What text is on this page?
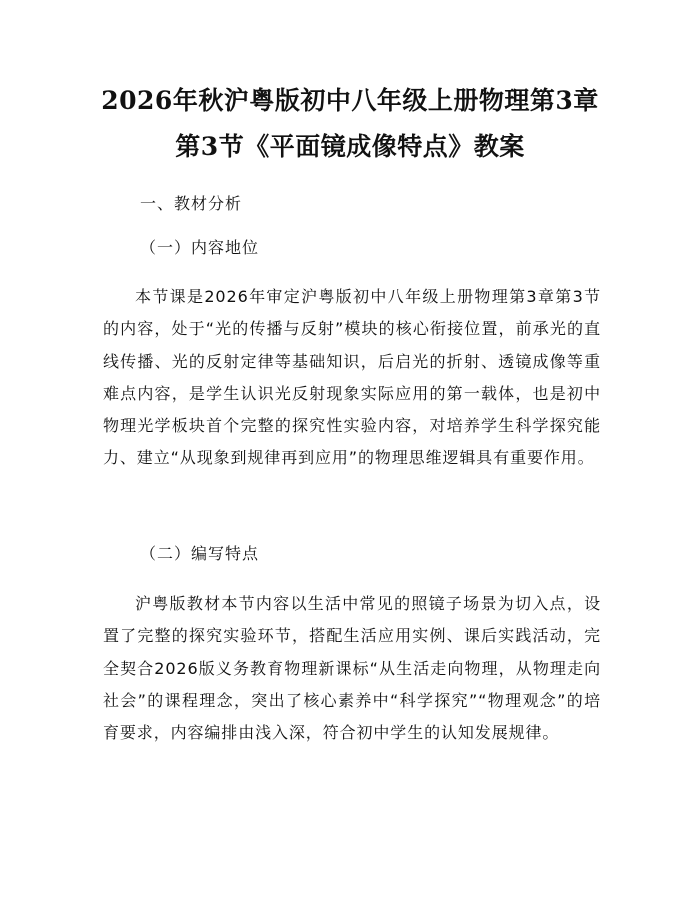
2026年秋沪粤版初中八年级上册物理第3章
第3节《平面镜成像特点》教案
一、教材分析
（一）内容地位

本节课是2026年审定沪粤版初中八年级上册物理第3章第3节的内容，处于“光的传播与反射”模块的核心衔接位置，前承光的直线传播、光的反射定律等基础知识，后启光的折射、透镜成像等重难点内容，是学生认识光反射现象实际应用的第一载体，也是初中物理光学板块首个完整的探究性实验内容，对培养学生科学探究能力、建立“从现象到规律再到应用”的物理思维逻辑具有重要作用。

（二）编写特点

沪粤版教材本节内容以生活中常见的照镜子场景为切入点，设置了完整的探究实验环节，搭配生活应用实例、课后实践活动，完全契合2026版义务教育物理新课标“从生活走向物理，从物理走向社会”的课程理念，突出了核心素养中“科学探究”“物理观念”的培育要求，内容编排由浅入深，符合初中学生的认知发展规律。
